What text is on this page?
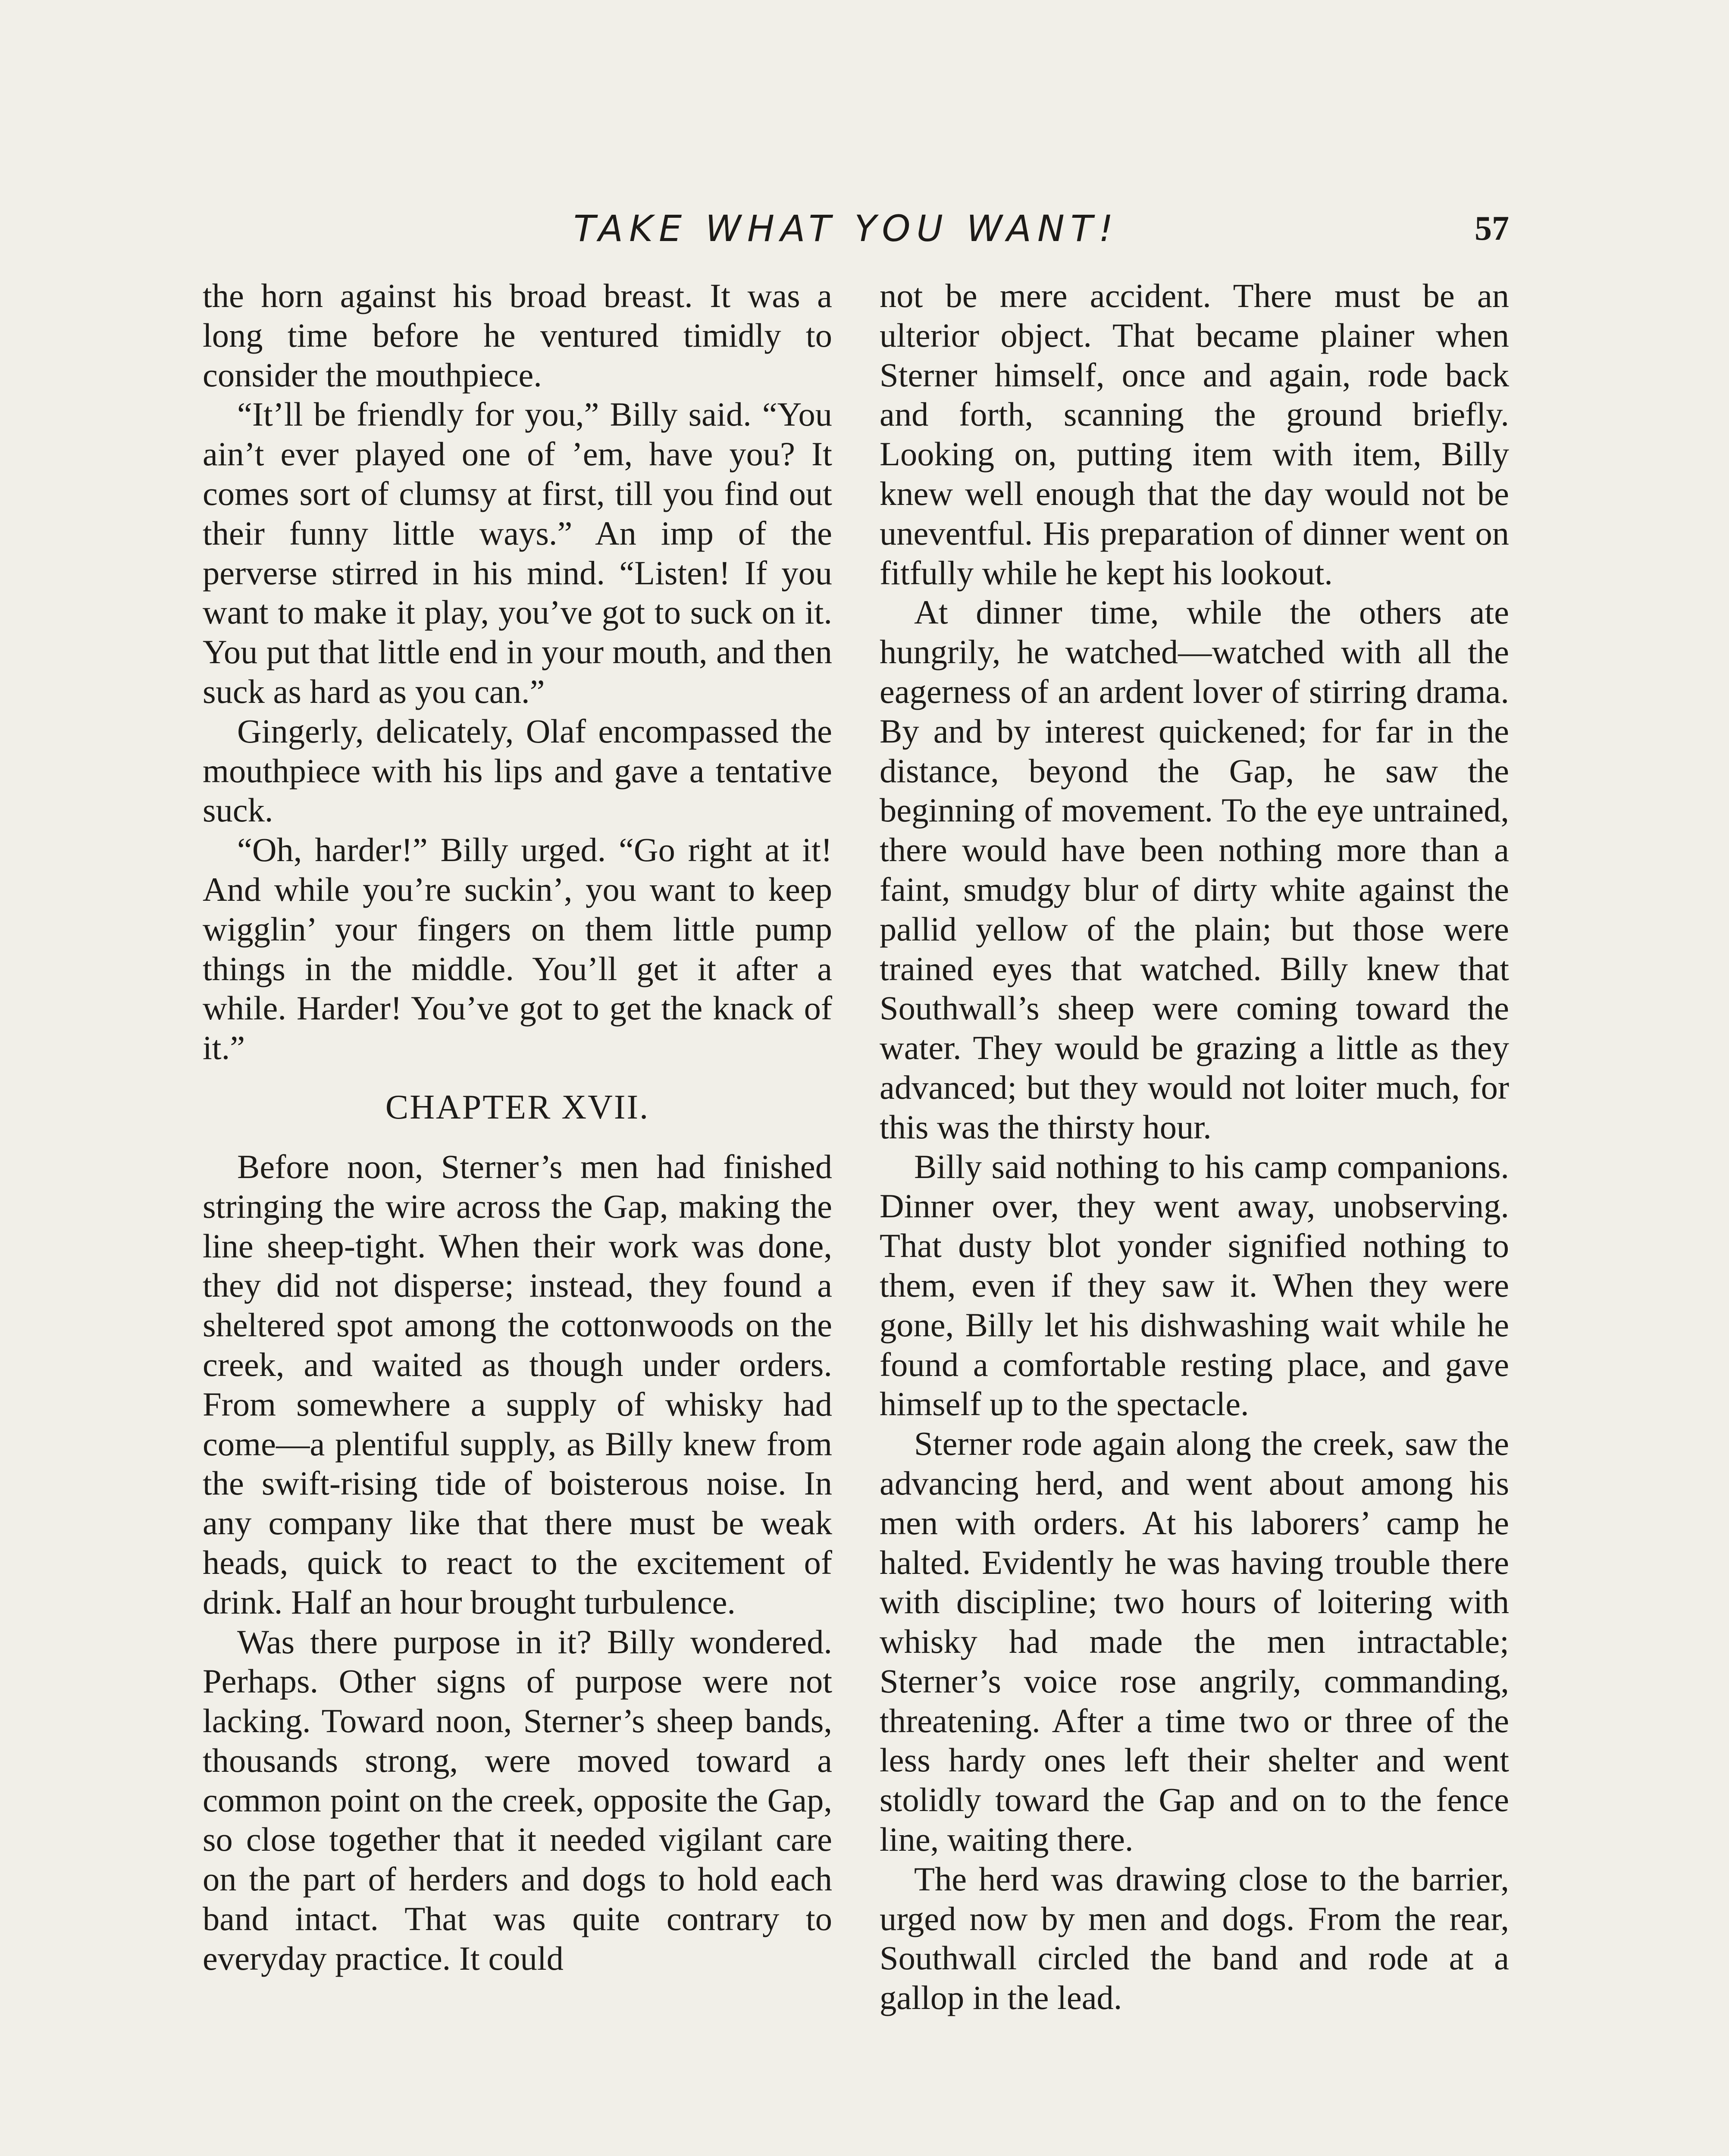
TAKE WHAT YOU WANT!	57

the horn against his broad breast. It was a long time before he ventured timidly to consider the mouthpiece.

“It’ll be friendly for you,” Billy said. “You ain’t ever played one of ’em, have you? It comes sort of clumsy at first, till you find out their funny little ways.” An imp of the perverse stirred in his mind. “Listen! If you want to make it play, you’ve got to suck on it. You put that little end in your mouth, and then suck as hard as you can.”

Gingerly, delicately, Olaf encompassed the mouthpiece with his lips and gave a tentative suck.

“Oh, harder!” Billy urged. “Go right at it! And while you’re suckin’, you want to keep wigglin’ your fingers on them little pump things in the middle. You’ll get it after a while. Harder! You’ve got to get the knack of it.”

CHAPTER XVII.

Before noon, Sterner’s men had finished stringing the wire across the Gap, making the line sheep-tight. When their work was done, they did not disperse; instead, they found a sheltered spot among the cottonwoods on the creek, and waited as though under orders. From somewhere a supply of whisky had come—a plentiful supply, as Billy knew from the swift-rising tide of boisterous noise. In any company like that there must be weak heads, quick to react to the excitement of drink. Half an hour brought turbulence.

Was there purpose in it? Billy wondered. Perhaps. Other signs of purpose were not lacking. Toward noon, Sterner’s sheep bands, thousands strong, were moved toward a common point on the creek, opposite the Gap, so close together that it needed vigilant care on the part of herders and dogs to hold each band intact. That was quite contrary to everyday practice. It could

not be mere accident. There must be an ulterior object. That became plainer when Sterner himself, once and again, rode back and forth, scanning the ground briefly. Looking on, putting item with item, Billy knew well enough that the day would not be uneventful. His preparation of dinner went on fitfully while he kept his lookout.

At dinner time, while the others ate hungrily, he watched—watched with all the eagerness of an ardent lover of stirring drama. By and by interest quickened; for far in the distance, beyond the Gap, he saw the beginning of movement. To the eye untrained, there would have been nothing more than a faint, smudgy blur of dirty white against the pallid yellow of the plain; but those were trained eyes that watched. Billy knew that Southwall’s sheep were coming toward the water. They would be grazing a little as they advanced; but they would not loiter much, for this was the thirsty hour.

Billy said nothing to his camp companions. Dinner over, they went away, unobserving. That dusty blot yonder signified nothing to them, even if they saw it. When they were gone, Billy let his dishwashing wait while he found a comfortable resting place, and gave himself up to the spectacle.

Sterner rode again along the creek, saw the advancing herd, and went about among his men with orders. At his laborers’ camp he halted. Evidently he was having trouble there with discipline; two hours of loitering with whisky had made the men intractable; Sterner’s voice rose angrily, commanding, threatening. After a time two or three of the less hardy ones left their shelter and went stolidly toward the Gap and on to the fence line, waiting there.

The herd was drawing close to the barrier, urged now by men and dogs. From the rear, Southwall circled the band and rode at a gallop in the lead.
